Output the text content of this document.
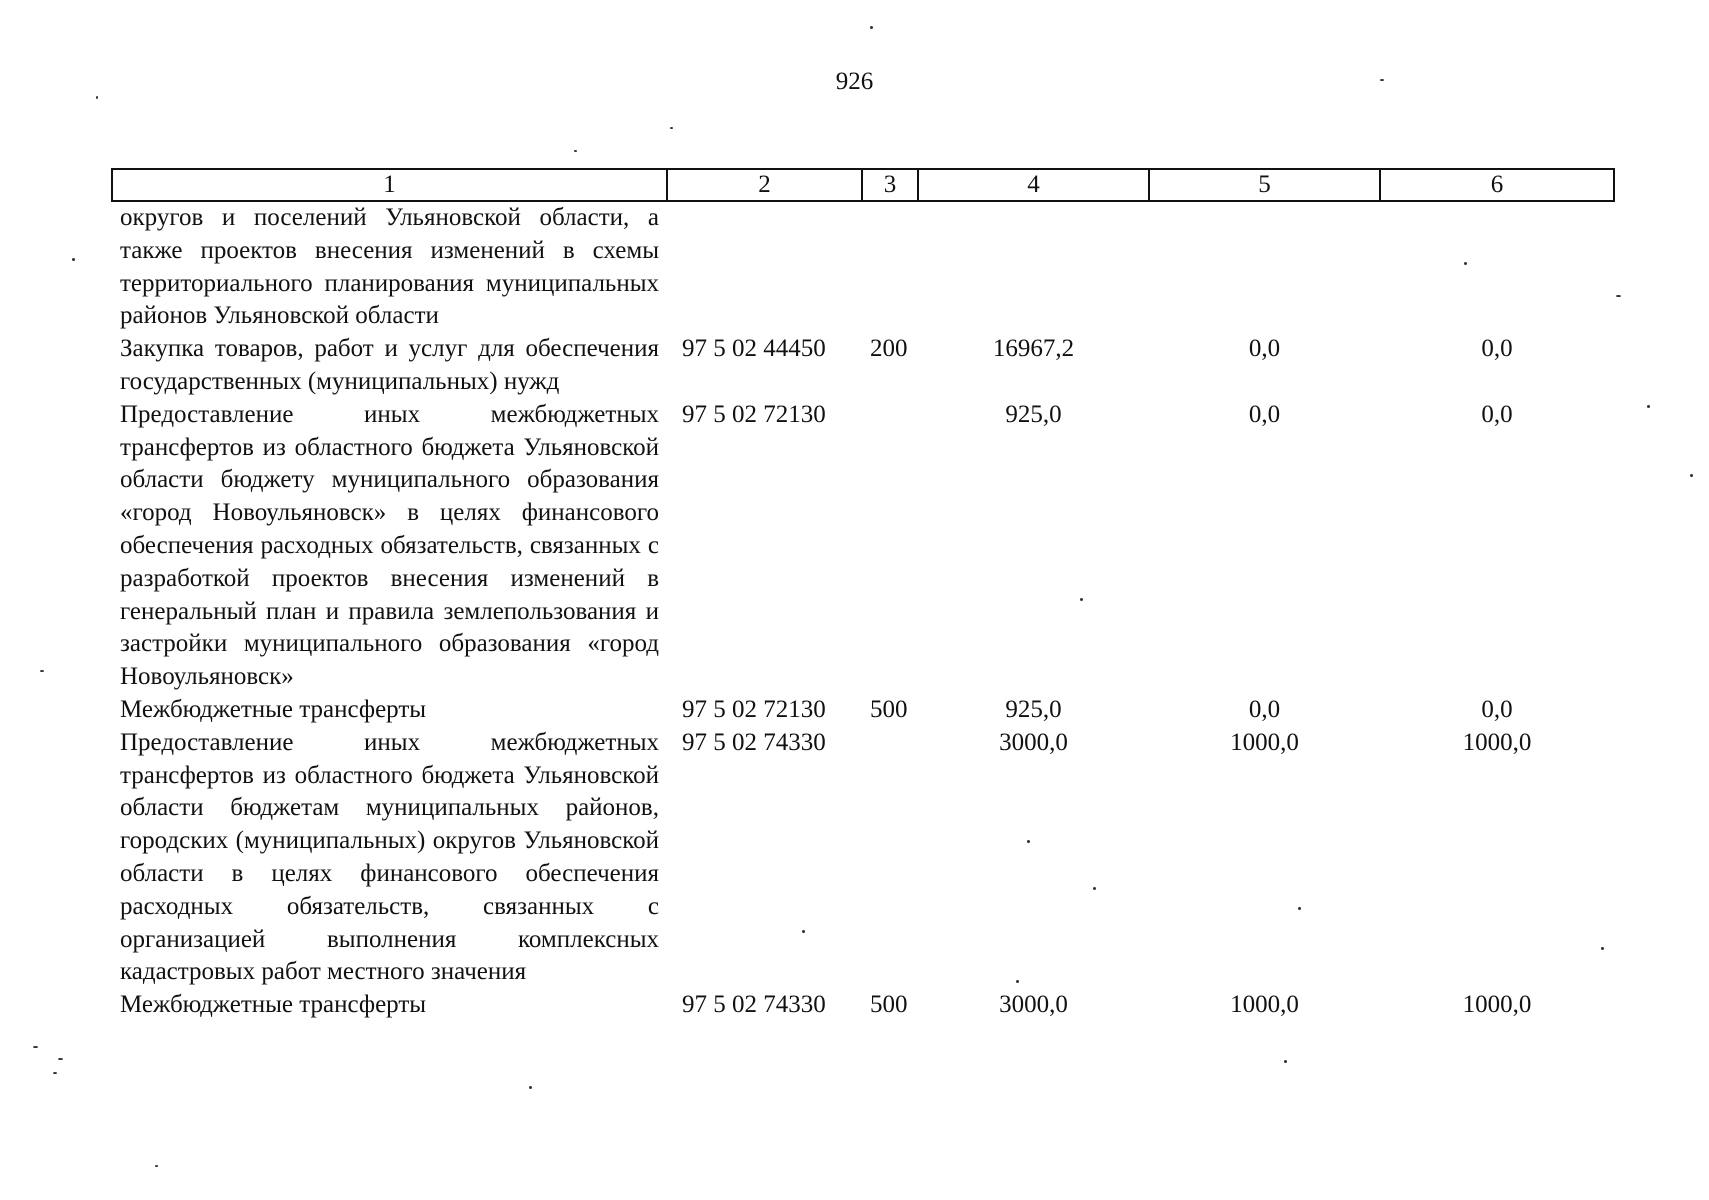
926
1	2	3	4	5	6
округов и поселений Ульяновской области, а также проектов внесения изменений в схемы территориального планирования муниципальных районов Ульяновской области					
Закупка товаров, работ и услуг для обеспечения государственных (муниципальных) нужд	97 5 02 44450	200	16967,2	0,0	0,0
Предоставление иных межбюджетных трансфертов из областного бюджета Ульяновской области бюджету муниципального образования «город Новоульяновск» в целях финансового обеспечения расходных обязательств, связанных с разработкой проектов внесения изменений в генеральный план и правила землепользования и застройки муниципального образования «город Новоульяновск»	97 5 02 72130		925,0	0,0	0,0
Межбюджетные трансферты	97 5 02 72130	500	925,0	0,0	0,0
Предоставление иных межбюджетных трансфертов из областного бюджета Ульяновской области бюджетам муниципальных районов, городских (муниципальных) округов Ульяновской области в целях финансового обеспечения расходных обязательств, связанных с организацией выполнения комплексных кадастровых работ местного значения	97 5 02 74330		3000,0	1000,0	1000,0
Межбюджетные трансферты	97 5 02 74330	500	3000,0	1000,0	1000,0
